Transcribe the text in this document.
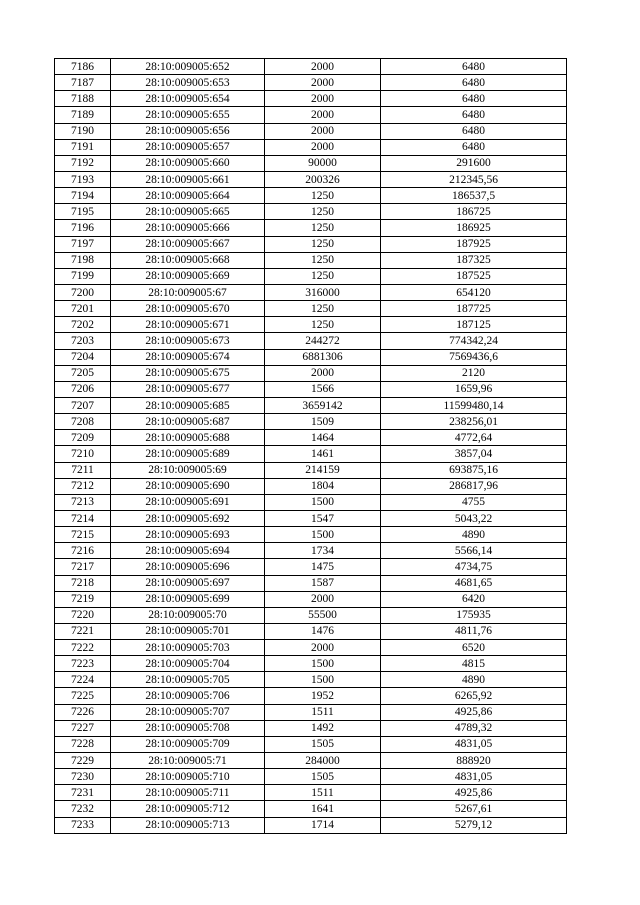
7186	28:10:009005:652	2000	6480
7187	28:10:009005:653	2000	6480
7188	28:10:009005:654	2000	6480
7189	28:10:009005:655	2000	6480
7190	28:10:009005:656	2000	6480
7191	28:10:009005:657	2000	6480
7192	28:10:009005:660	90000	291600
7193	28:10:009005:661	200326	212345,56
7194	28:10:009005:664	1250	186537,5
7195	28:10:009005:665	1250	186725
7196	28:10:009005:666	1250	186925
7197	28:10:009005:667	1250	187925
7198	28:10:009005:668	1250	187325
7199	28:10:009005:669	1250	187525
7200	28:10:009005:67	316000	654120
7201	28:10:009005:670	1250	187725
7202	28:10:009005:671	1250	187125
7203	28:10:009005:673	244272	774342,24
7204	28:10:009005:674	6881306	7569436,6
7205	28:10:009005:675	2000	2120
7206	28:10:009005:677	1566	1659,96
7207	28:10:009005:685	3659142	11599480,14
7208	28:10:009005:687	1509	238256,01
7209	28:10:009005:688	1464	4772,64
7210	28:10:009005:689	1461	3857,04
7211	28:10:009005:69	214159	693875,16
7212	28:10:009005:690	1804	286817,96
7213	28:10:009005:691	1500	4755
7214	28:10:009005:692	1547	5043,22
7215	28:10:009005:693	1500	4890
7216	28:10:009005:694	1734	5566,14
7217	28:10:009005:696	1475	4734,75
7218	28:10:009005:697	1587	4681,65
7219	28:10:009005:699	2000	6420
7220	28:10:009005:70	55500	175935
7221	28:10:009005:701	1476	4811,76
7222	28:10:009005:703	2000	6520
7223	28:10:009005:704	1500	4815
7224	28:10:009005:705	1500	4890
7225	28:10:009005:706	1952	6265,92
7226	28:10:009005:707	1511	4925,86
7227	28:10:009005:708	1492	4789,32
7228	28:10:009005:709	1505	4831,05
7229	28:10:009005:71	284000	888920
7230	28:10:009005:710	1505	4831,05
7231	28:10:009005:711	1511	4925,86
7232	28:10:009005:712	1641	5267,61
7233	28:10:009005:713	1714	5279,12
